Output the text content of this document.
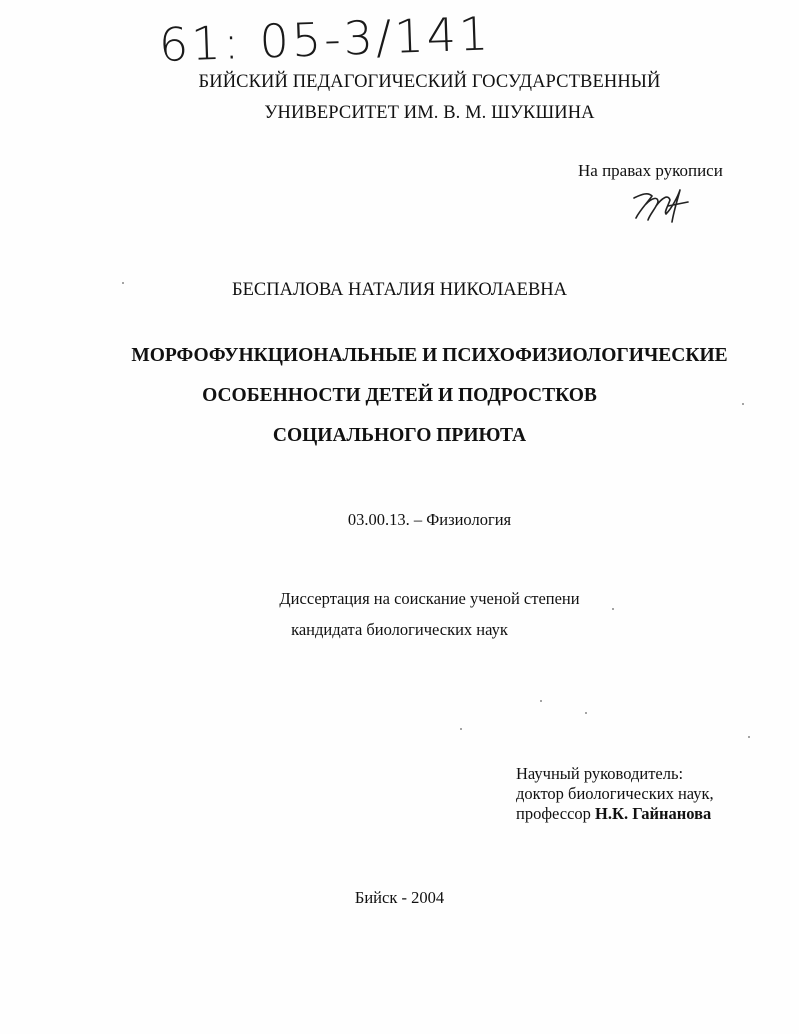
61: 05-3/141
БИЙСКИЙ ПЕДАГОГИЧЕСКИЙ ГОСУДАРСТВЕННЫЙ
УНИВЕРСИТЕТ ИМ. В. М. ШУКШИНА
На правах рукописи
БЕСПАЛОВА НАТАЛИЯ НИКОЛАЕВНА
МОРФОФУНКЦИОНАЛЬНЫЕ И ПСИХОФИЗИОЛОГИЧЕСКИЕ
ОСОБЕННОСТИ ДЕТЕЙ И ПОДРОСТКОВ
СОЦИАЛЬНОГО ПРИЮТА
03.00.13. – Физиология
Диссертация на соискание ученой степени
кандидата биологических наук
Научный руководитель:
доктор биологических наук,
профессор Н.К. Гайнанова
Бийск - 2004
